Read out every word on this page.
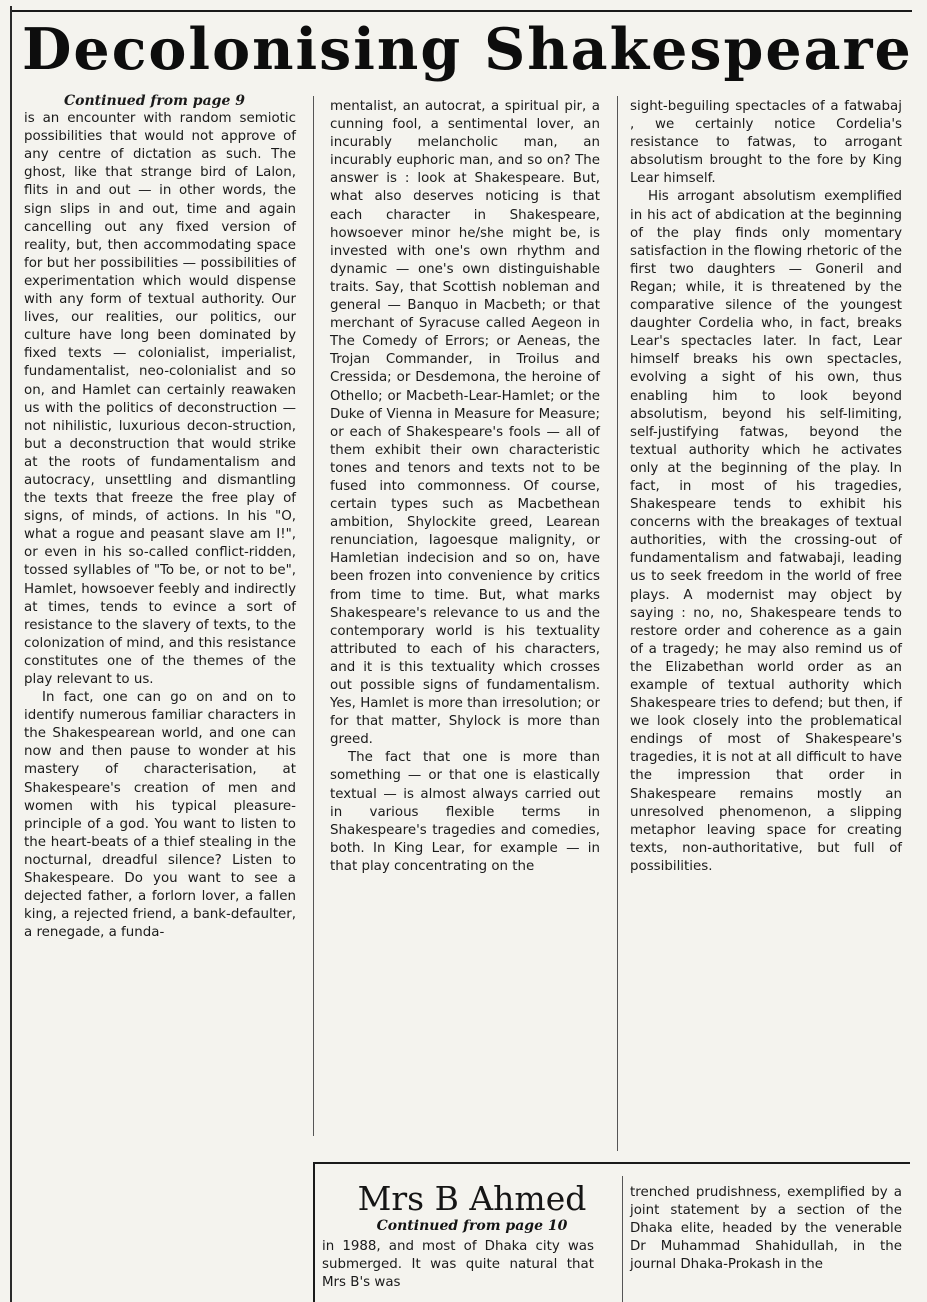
Decolonising Shakespeare

Continued from page 9

is an encounter with random semiotic possibilities that would not approve of any centre of dictation as such. The ghost, like that strange bird of Lalon, flits in and out — in other words, the sign slips in and out, time and again cancelling out any fixed version of reality, but, then accommodating space for but her possibilities — possibilities of experimentation which would dispense with any form of textual authority. Our lives, our realities, our politics, our culture have long been dominated by fixed texts — colonialist, imperialist, fundamentalist, neo-colonialist and so on, and Hamlet can certainly reawaken us with the politics of deconstruction — not nihilistic, luxurious decon-struction, but a deconstruction that would strike at the roots of fundamentalism and autocracy, unsettling and dismantling the texts that freeze the free play of signs, of minds, of actions. In his "O, what a rogue and peasant slave am I!", or even in his so-called conflict-ridden, tossed syllables of "To be, or not to be", Hamlet, howsoever feebly and indirectly at times, tends to evince a sort of resistance to the slavery of texts, to the colonization of mind, and this resistance constitutes one of the themes of the play relevant to us.

In fact, one can go on and on to identify numerous familiar characters in the Shakespearean world, and one can now and then pause to wonder at his mastery of characterisation, at Shakespeare's creation of men and women with his typical pleasure-principle of a god. You want to listen to the heart-beats of a thief stealing in the nocturnal, dreadful silence? Listen to Shakespeare. Do you want to see a dejected father, a forlorn lover, a fallen king, a rejected friend, a bank-defaulter, a renegade, a funda-

mentalist, an autocrat, a spiritual pir, a cunning fool, a sentimental lover, an incurably melancholic man, an incurably euphoric man, and so on? The answer is : look at Shakespeare. But, what also deserves noticing is that each character in Shakespeare, howsoever minor he/she might be, is invested with one's own rhythm and dynamic — one's own distinguishable traits. Say, that Scottish nobleman and general — Banquo in Macbeth; or that merchant of Syracuse called Aegeon in The Comedy of Errors; or Aeneas, the Trojan Commander, in Troilus and Cressida; or Desdemona, the heroine of Othello; or Macbeth-Lear-Hamlet; or the Duke of Vienna in Measure for Measure; or each of Shakespeare's fools — all of them exhibit their own characteristic tones and tenors and texts not to be fused into commonness. Of course, certain types such as Macbethean ambition, Shylockite greed, Learean renunciation, Iagoesque malignity, or Hamletian indecision and so on, have been frozen into convenience by critics from time to time. But, what marks Shakespeare's relevance to us and the contemporary world is his textuality attributed to each of his characters, and it is this textuality which crosses out possible signs of fundamentalism. Yes, Hamlet is more than irresolution; or for that matter, Shylock is more than greed.

The fact that one is more than something — or that one is elastically textual — is almost always carried out in various flexible terms in Shakespeare's tragedies and comedies, both. In King Lear, for example — in that play concentrating on the

sight-beguiling spectacles of a fatwabaj , we certainly notice Cordelia's resistance to fatwas, to arrogant absolutism brought to the fore by King Lear himself.

His arrogant absolutism exemplified in his act of abdication at the beginning of the play finds only momentary satisfaction in the flowing rhetoric of the first two daughters — Goneril and Regan; while, it is threatened by the comparative silence of the youngest daughter Cordelia who, in fact, breaks Lear's spectacles later. In fact, Lear himself breaks his own spectacles, evolving a sight of his own, thus enabling him to look beyond absolutism, beyond his self-limiting, self-justifying fatwas, beyond the textual authority which he activates only at the beginning of the play. In fact, in most of his tragedies, Shakespeare tends to exhibit his concerns with the breakages of textual authorities, with the crossing-out of fundamentalism and fatwabaji, leading us to seek freedom in the world of free plays. A modernist may object by saying : no, no, Shakespeare tends to restore order and coherence as a gain of a tragedy; he may also remind us of the Elizabethan world order as an example of textual authority which Shakespeare tries to defend; but then, if we look closely into the problematical endings of most of Shakespeare's tragedies, it is not at all difficult to have the impression that order in Shakespeare remains mostly an unresolved phenomenon, a slipping metaphor leaving space for creating texts, non-authoritative, but full of possibilities.

Mrs B Ahmed
Continued from page 10

in 1988, and most of Dhaka city was submerged. It was quite natural that Mrs B's was

trenched prudishness, exemplified by a joint statement by a section of the Dhaka elite, headed by the venerable Dr Muhammad Shahidullah, in the journal Dhaka-Prokash in the
